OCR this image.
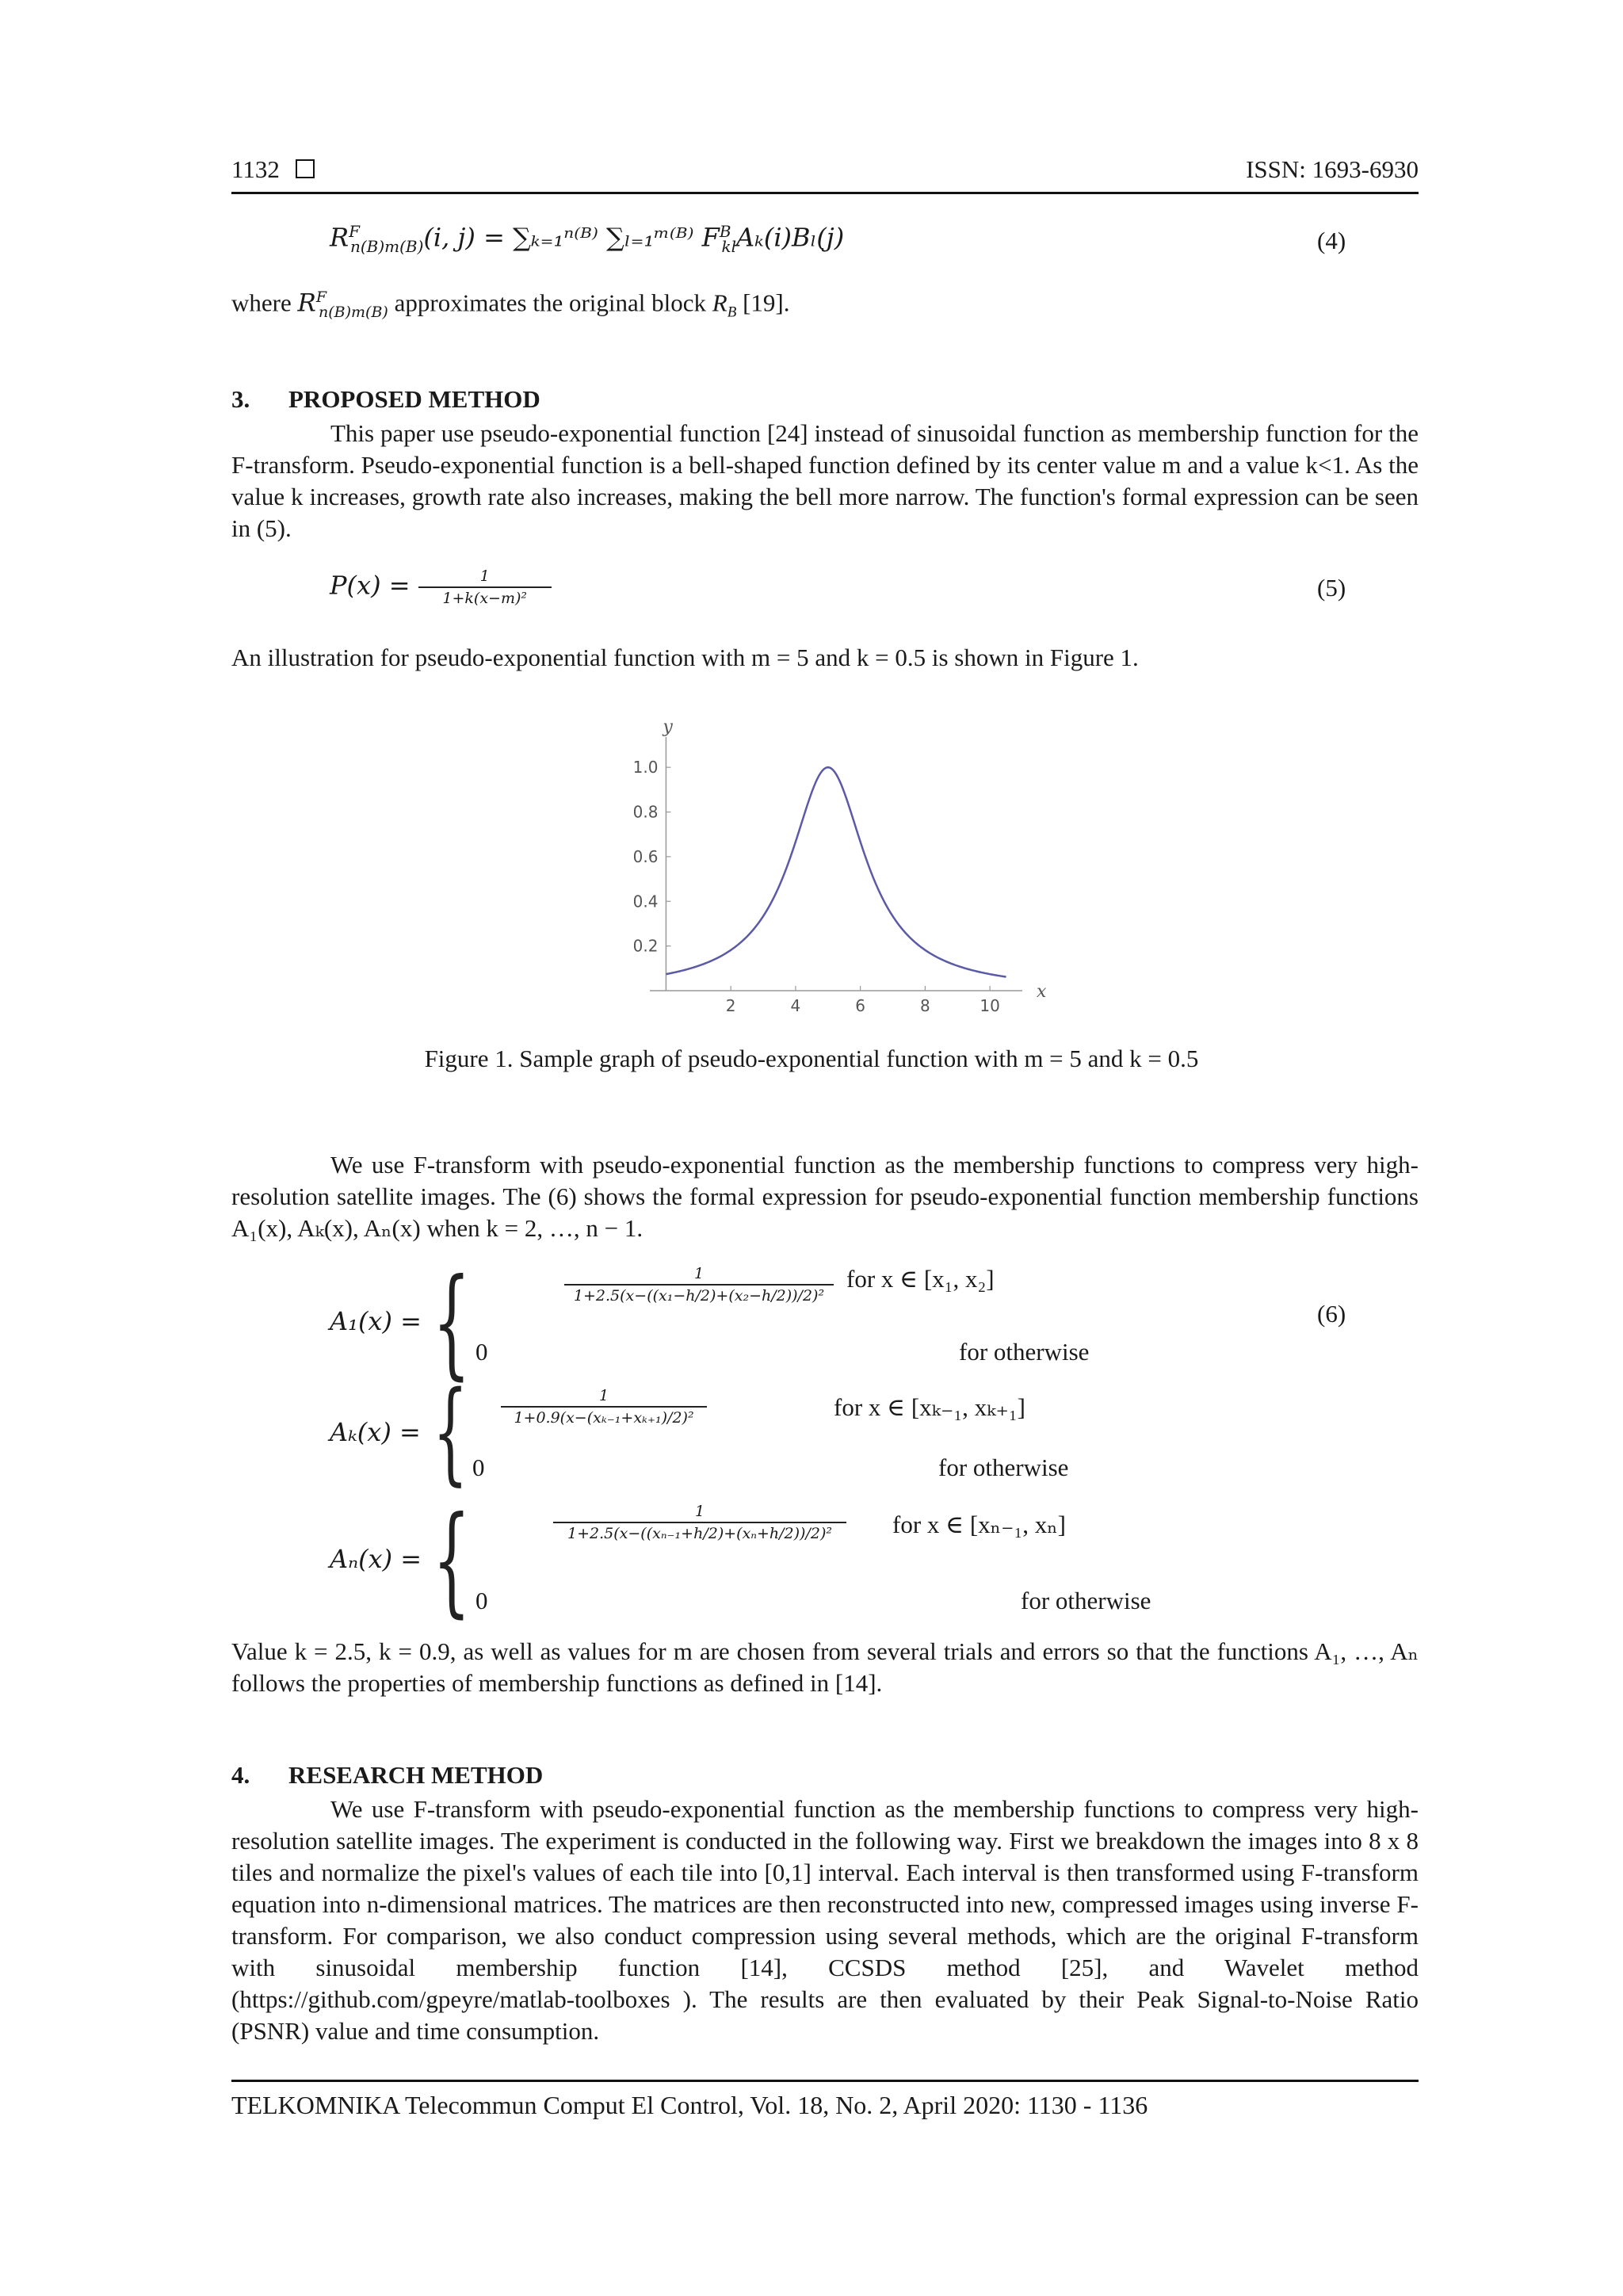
1132	ISSN: 1693-6930
$R^F_{n(B)m(B)}(i$, j) = ∑ₖ₌₁ⁿ⁽ᴮ⁾ ∑ₗ₌₁ᵐ⁽ᴮ⁾ $F^B_{kl}A_k(i)B_l(j)$	(4)
where $R^F_{n(B)m(B)}$ approximates the original block $R_B$ [19].
3. PROPOSED METHOD

This paper use pseudo-exponential function [24] instead of sinusoidal function as membership function for the F-transform. Pseudo-exponential function is a bell-shaped function defined by its center value m and a value k<1. As the value k increases, growth rate also increases, making the bell more narrow. The function's formal expression can be seen in (5).

$P(x) = \frac{1}{\text{1+k(x−m)²}}$	(5)

An illustration for pseudo-exponential function with m = 5 and k = 0.5 is shown in Figure 1.

2	4	6	8	10
0.2
0.4
0.6
0.8
1.0
x
y
Figure 1. Sample graph of pseudo-exponential function with m = 5 and k = 0.5

We use F-transform with pseudo-exponential function as the membership functions to compress very high-resolution satellite images. The (6) shows the formal expression for pseudo-exponential function membership functions A₁(x), Aₖ(x), Aₙ(x) when k = 2, …, n − 1.

(6)
A₁(x) = {	$\frac{1}{\text{1+2.5(x−((x₁−h/2)+(x₂−h/2))/2)²}}$ for x ∈ [x₁, x₂]
0	for otherwise
Aₖ(x) = { $\frac{1}{\text{1+0.9(x−(xₖ₋₁+xₖ₊₁)/2)²}}$	for x ∈ [xₖ₋₁, xₖ₊₁]
0	for otherwise
Aₙ(x) = {	$\frac{1}{\text{1+2.5(x−((xₙ₋₁+h/2)+(xₙ+h/2))/2)²}}$ for x ∈ [xₙ₋₁, xₙ]
0	for otherwise

Value k = 2.5, k = 0.9, as well as values for m are chosen from several trials and errors so that the functions A₁, …, Aₙ follows the properties of membership functions as defined in [14].

4. RESEARCH METHOD

We use F-transform with pseudo-exponential function as the membership functions to compress very high-resolution satellite images. The experiment is conducted in the following way. First we breakdown the images into 8 x 8 tiles and normalize the pixel's values of each tile into [0,1] interval. Each interval is then transformed using F-transform equation into n-dimensional matrices. The matrices are then reconstructed into new, compressed images using inverse F-transform. For comparison, we also conduct compression using several methods, which are the original F-transform with sinusoidal membership function [14], CCSDS method [25], and Wavelet method (https://github.com/gpeyre/matlab-toolboxes ). The results are then evaluated by their Peak Signal-to-Noise Ratio (PSNR) value and time consumption.

TELKOMNIKA Telecommun Comput El Control, Vol. 18, No. 2, April 2020: 1130 - 1136
